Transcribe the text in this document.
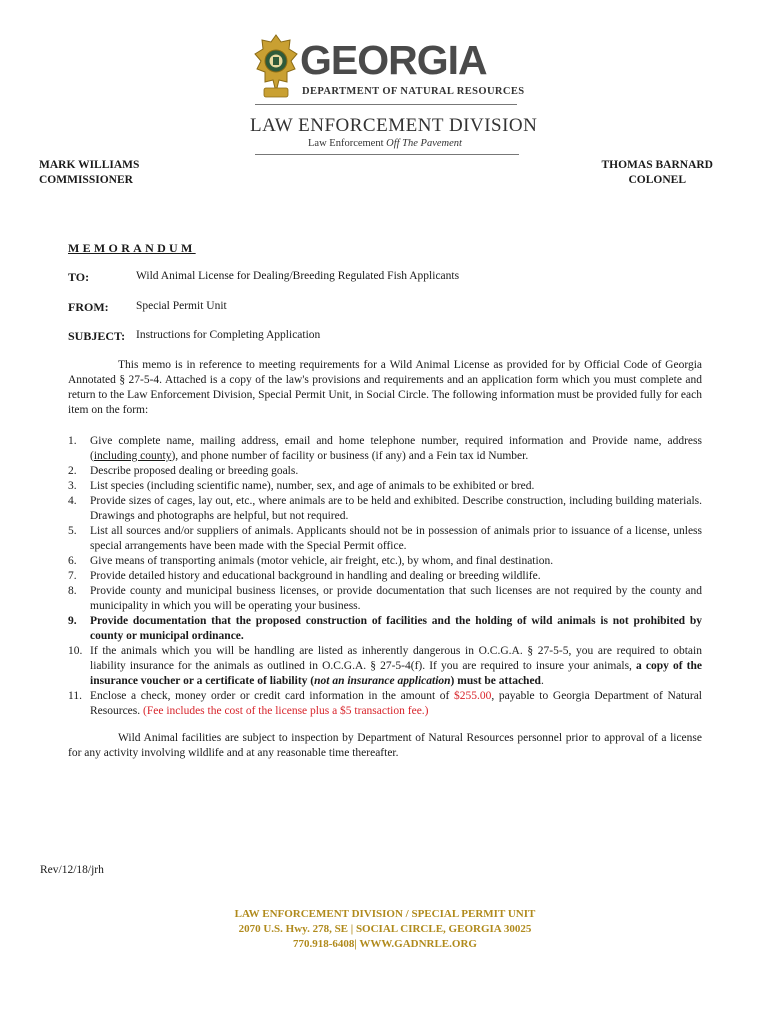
GEORGIA
DEPARTMENT OF NATURAL RESOURCES
LAW ENFORCEMENT DIVISION
Law Enforcement Off The Pavement
MARK WILLIAMS
COMMISSIONER
THOMAS BARNARD
COLONEL
MEMORANDUM
TO:	Wild Animal License for Dealing/Breeding Regulated Fish Applicants
FROM: Special Permit Unit
SUBJECT: Instructions for Completing Application
This memo is in reference to meeting requirements for a Wild Animal License as provided for by Official Code of Georgia Annotated § 27-5-4. Attached is a copy of the law's provisions and requirements and an application form which you must complete and return to the Law Enforcement Division, Special Permit Unit, in Social Circle. The following information must be provided fully for each item on the form:
1. Give complete name, mailing address, email and home telephone number, required information and Provide name, address (including county), and phone number of facility or business (if any) and a Fein tax id Number.
2. Describe proposed dealing or breeding goals.
3. List species (including scientific name), number, sex, and age of animals to be exhibited or bred.
4. Provide sizes of cages, lay out, etc., where animals are to be held and exhibited. Describe construction, including building materials. Drawings and photographs are helpful, but not required.
5. List all sources and/or suppliers of animals. Applicants should not be in possession of animals prior to issuance of a license, unless special arrangements have been made with the Special Permit office.
6. Give means of transporting animals (motor vehicle, air freight, etc.), by whom, and final destination.
7. Provide detailed history and educational background in handling and dealing or breeding wildlife.
8. Provide county and municipal business licenses, or provide documentation that such licenses are not required by the county and municipality in which you will be operating your business.
9. Provide documentation that the proposed construction of facilities and the holding of wild animals is not prohibited by county or municipal ordinance.
10. If the animals which you will be handling are listed as inherently dangerous in O.C.G.A. § 27-5-5, you are required to obtain liability insurance for the animals as outlined in O.C.G.A. § 27-5-4(f). If you are required to insure your animals, a copy of the insurance voucher or a certificate of liability (not an insurance application) must be attached.
11. Enclose a check, money order or credit card information in the amount of $255.00, payable to Georgia Department of Natural Resources. (Fee includes the cost of the license plus a $5 transaction fee.)
Wild Animal facilities are subject to inspection by Department of Natural Resources personnel prior to approval of a license for any activity involving wildlife and at any reasonable time thereafter.
Rev/12/18/jrh
LAW ENFORCEMENT DIVISION / SPECIAL PERMIT UNIT
2070 U.S. Hwy. 278, SE | SOCIAL CIRCLE, GEORGIA 30025
770.918-6408| WWW.GADNRLE.ORG
